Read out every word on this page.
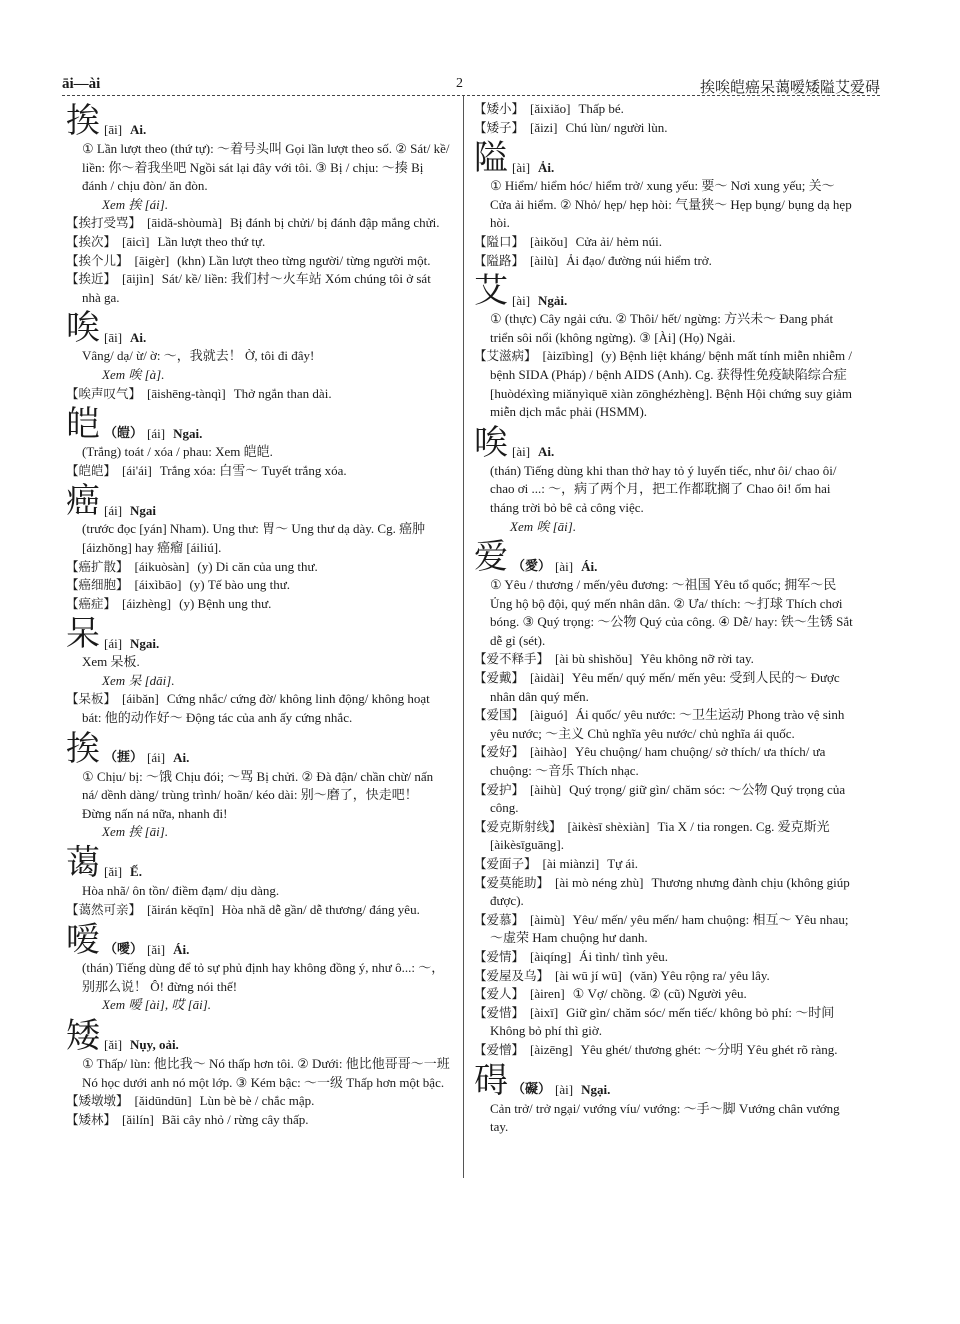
āi—ài	2	挨唉皑癌呆蔼嗳矮隘艾爱碍
挨 [āi] Ai.
① Lần lượt theo (thứ tự): ～着号头叫 Gọi lần lượt theo số. ② Sát/ kề/ liền: 你～着我坐吧 Ngồi sát lại đây với tôi. ③ Bị / chịu: ～揍 Bị đánh / chịu đòn/ ăn đòn.
Xem 挨 [ái].
【挨打受骂】 [āidǎ-shòumà] Bị đánh bị chửi/ bị đánh đập mắng chửi.
【挨次】 [āicì] Lần lượt theo thứ tự.
【挨个儿】 [āigèr] (khn) Lần lượt theo từng người/ từng người một.
【挨近】 [āijìn] Sát/ kề/ liền: 我们村～火车站 Xóm chúng tôi ở sát nhà ga.
唉 [āi] Ai.
Vâng/ dạ/ ừ/ ờ: ～，我就去！ Ờ, tôi đi đây!
Xem 唉 [à].
【唉声叹气】 [āishēng-tànqì] Thở ngắn than dài.
皑 （皚） [ái] Ngai.
(Trắng) toát / xóa / phau: Xem 皑皑.
【皑皑】 [ái'ái] Trắng xóa: 白雪～ Tuyết trắng xóa.
癌 [ái] Ngai
(trước đọc [yán] Nham). Ung thư: 胃～ Ung thư dạ dày. Cg. 癌肿 [áizhǒng] hay 癌瘤 [áiliú].
【癌扩散】 [áikuòsàn] (y) Di căn của ung thư.
【癌细胞】 [áixìbāo] (y) Tế bào ung thư.
【癌症】 [áizhèng] (y) Bệnh ung thư.
呆 [ái] Ngai.
Xem 呆板.
Xem 呆 [dāi].
【呆板】 [áibǎn] Cứng nhắc/ cứng đờ/ không linh động/ không hoạt bát: 他的动作好～ Động tác của anh ấy cứng nhắc.
挨 （捱） [ái] Ai.
① Chịu/ bị: ～饿 Chịu đói; ～骂 Bị chửi. ② Đà đận/ chần chừ/ nấn ná/ dềnh dàng/ trùng trình/ hoãn/ kéo dài: 别～磨了，快走吧！ Đừng nấn ná nữa, nhanh đi!
Xem 挨 [āi].
蔼 [ǎi] Ế.
Hòa nhã/ ôn tồn/ điềm đạm/ dịu dàng.
【蔼然可亲】 [ǎirán kěqīn] Hòa nhã dễ gần/ dễ thương/ đáng yêu.
嗳 （噯） [ǎi] Ái.
(thán) Tiếng dùng để tỏ sự phủ định hay không đồng ý, như ô...: ～，别那么说！ Ô! đừng nói thế!
Xem 嗳 [ài], 哎 [āi].
矮 [ǎi] Nụy, oải.
① Thấp/ lùn: 他比我～ Nó thấp hơn tôi. ② Dưới: 他比他哥哥～一班 Nó học dưới anh nó một lớp. ③ Kém bậc: ～一级 Thấp hơn một bậc.
【矮墩墩】 [ǎidūndūn] Lùn bè bè / chắc mập.
【矮林】 [ǎilín] Bãi cây nhỏ / rừng cây thấp.
【矮小】 [ǎixiǎo] Thấp bé.
【矮子】 [ǎizi] Chú lùn/ người lùn.
隘 [ài] Ải.
① Hiểm/ hiểm hóc/ hiểm trở/ xung yếu: 要～ Nơi xung yếu; 关～ Cửa ải hiểm. ② Nhỏ/ hẹp/ hẹp hòi: 气量狭～ Hẹp bụng/ bụng dạ hẹp hòi.
【隘口】 [àikǒu] Cửa ải/ hẻm núi.
【隘路】 [àilù] Ải đạo/ đường núi hiểm trở.
艾 [ài] Ngải.
① (thực) Cây ngải cứu. ② Thôi/ hết/ ngừng: 方兴未～ Đang phát triển sôi nổi (không ngừng). ③ [Ài] (Họ) Ngải.
【艾滋病】 [àizībìng] (y) Bệnh liệt kháng/ bệnh mất tính miễn nhiễm / bệnh SIDA (Pháp) / bệnh AIDS (Anh). Cg. 获得性免疫缺陷综合症 [huòdéxìng miǎnyìquē xiàn zōnghézhèng]. Bệnh Hội chứng suy giảm miễn dịch mắc phải (HSMM).
唉 [ài] Ai.
(thán) Tiếng dùng khi than thở hay tỏ ý luyến tiếc, như ôi/ chao ôi/ chao ơi ...: ～，病了两个月，把工作都耽搁了 Chao ôi! ốm hai tháng trời bỏ bê cả công việc.
Xem 唉 [āi].
爱 （愛） [ài] Ái.
① Yêu / thương / mến/yêu đương: ～祖国 Yêu tổ quốc; 拥军～民 Ủng hộ bộ đội, quý mến nhân dân. ② Ưa/ thích: ～打球 Thích chơi bóng. ③ Quý trọng: ～公物 Quý của công. ④ Dễ/ hay: 铁～生锈 Sắt dễ gỉ (sét).
【爱不释手】 [ài bù shìshǒu] Yêu không nỡ rời tay.
【爱戴】 [àidài] Yêu mến/ quý mến/ mến yêu: 受到人民的～ Được nhân dân quý mến.
【爱国】 [àiguó] Ái quốc/ yêu nước: ～卫生运动 Phong trào vệ sinh yêu nước; ～主义 Chủ nghĩa yêu nước/ chủ nghĩa ái quốc.
【爱好】 [àihào] Yêu chuộng/ ham chuộng/ sở thích/ ưa thích/ ưa chuộng: ～音乐 Thích nhạc.
【爱护】 [àihù] Quý trọng/ giữ gìn/ chăm sóc: ～公物 Quý trọng của công.
【爱克斯射线】 [àikèsī shèxiàn] Tia X / tia rongen. Cg. 爱克斯光 [àikèsīguāng].
【爱面子】 [ài miànzi] Tự ái.
【爱莫能助】 [ài mò néng zhù] Thương nhưng đành chịu (không giúp được).
【爱慕】 [àimù] Yêu/ mến/ yêu mến/ ham chuộng: 相互～ Yêu nhau; ～虚荣 Ham chuộng hư danh.
【爱情】 [àiqíng] Ái tình/ tình yêu.
【爱屋及乌】 [ài wū jí wū] (văn) Yêu rộng ra/ yêu lây.
【爱人】 [àiren] ① Vợ/ chồng. ② (cũ) Người yêu.
【爱惜】 [àixī] Giữ gìn/ chăm sóc/ mến tiếc/ không bỏ phí: ～时间 Không bỏ phí thì giờ.
【爱憎】 [àizēng] Yêu ghét/ thương ghét: ～分明 Yêu ghét rõ ràng.
碍 （礙） [ài] Ngại.
Cản trở/ trở ngại/ vướng víu/ vướng: ～手～脚 Vướng chân vướng tay.
